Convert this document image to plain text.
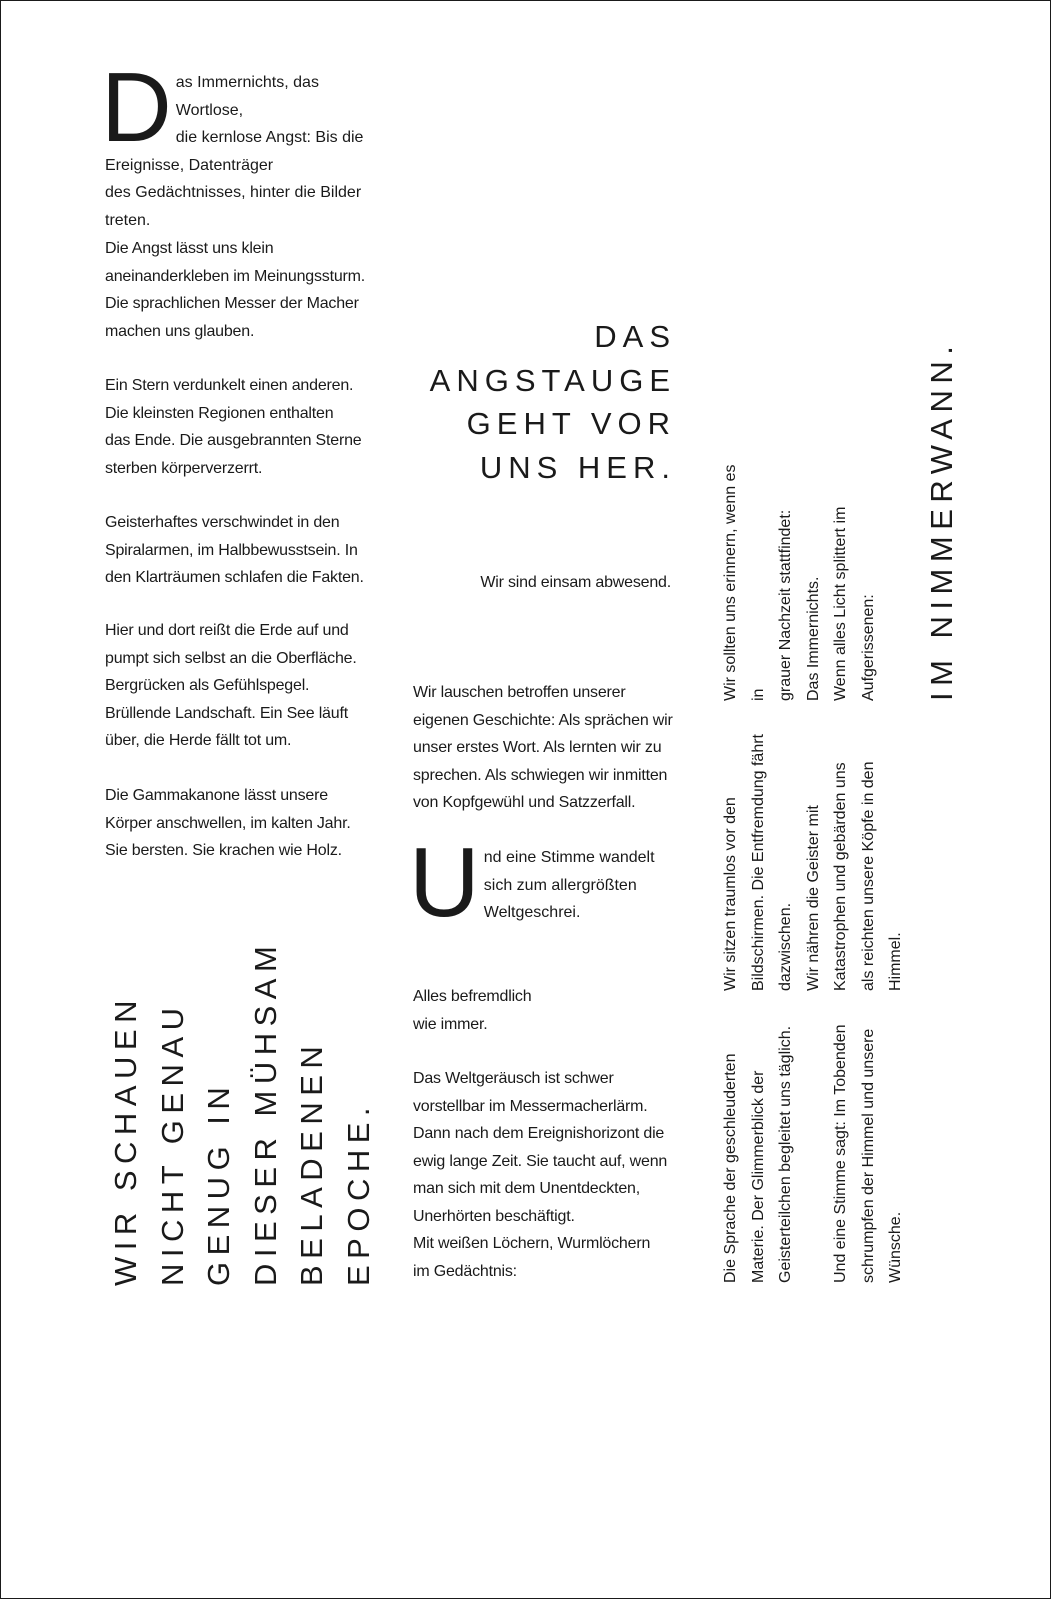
D as Immernichts, das Wortlose,
die kernlose Angst: Bis die
Ereignisse, Datenträger
des Gedächtnisses, hinter die Bilder
treten.

Die Angst lässt uns klein
aneinanderkleben im Meinungssturm.
Die sprachlichen Messer der Macher
machen uns glauben.

Ein Stern verdunkelt einen anderen.
Die kleinsten Regionen enthalten
das Ende. Die ausgebrannten Sterne
sterben körperverzerrt.

Geisterhaftes verschwindet in den
Spiralarmen, im Halbbewusstsein. In
den Klarträumen schlafen die Fakten.

Hier und dort reißt die Erde auf und
pumpt sich selbst an die Oberfläche.
Bergrücken als Gefühlspegel.
Brüllende Landschaft. Ein See läuft
über, die Herde fällt tot um.

Die Gammakanone lässt unsere
Körper anschwellen, im kalten Jahr.
Sie bersten. Sie krachen wie Holz.

WIR SCHAUEN
NICHT GENAU
GENUG IN
DIESER MÜHSAM
BELADENEN
EPOCHE.
DAS
ANGSTAUGE
GEHT VOR
UNS HER.

Wir sind einsam abwesend.

Wir lauschen betroffen unserer
eigenen Geschichte: Als sprächen wir
unser erstes Wort. Als lernten wir zu
sprechen. Als schwiegen wir inmitten
von Kopfgewühl und Satzzerfall.

U nd eine Stimme wandelt
sich zum allergrößten
Weltgeschrei.

Alles befremdlich
wie immer.

Das Weltgeräusch ist schwer
vorstellbar im Messermacherlärm.
Dann nach dem Ereignishorizont die
ewig lange Zeit. Sie taucht auf, wenn
man sich mit dem Unentdeckten,
Unerhörten beschäftigt.
Mit weißen Löchern, Wurmlöchern
im Gedächtnis:

Wir sollten uns erinnern, wenn es in
grauer Nachzeit stattfindet:
Das Immernichts.
Wenn alles Licht splittert im
Aufgerissenen:
Wir sitzen traumlos vor den
Bildschirmen. Die Entfremdung fährt
dazwischen.
Wir nähren die Geister mit
Katastrophen und gebärden uns
als reichten unsere Köpfe in den
Himmel.
Die Sprache der geschleuderten
Materie. Der Glimmerblick der
Geisterteilchen begleitet uns täglich.
Und eine Stimme sagt: Im Tobenden
schrumpfen der Himmel und unsere
Wünsche.
IM NIMMERWANN.
